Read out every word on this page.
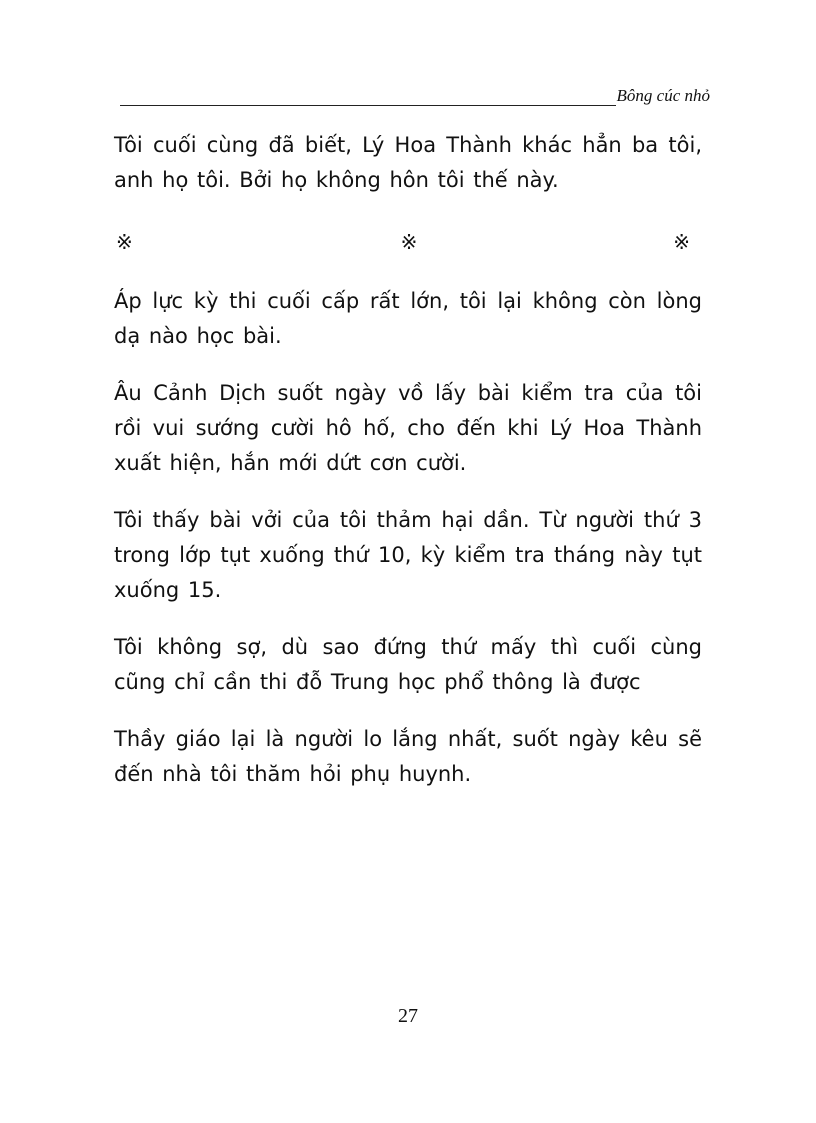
Bông cúc nhỏ

Tôi cuối cùng đã biết, Lý Hoa Thành khác hẳn ba tôi, anh họ tôi. Bởi họ không hôn tôi thế này.

※	※	※

Áp lực kỳ thi cuối cấp rất lớn, tôi lại không còn lòng dạ nào học bài.

Âu Cảnh Dịch suốt ngày vồ lấy bài kiểm tra của tôi rồi vui sướng cười hô hố, cho đến khi Lý Hoa Thành xuất hiện, hắn mới dứt cơn cười.

Tôi thấy bài vởi của tôi thảm hại dần. Từ người thứ 3 trong lớp tụt xuống thứ 10, kỳ kiểm tra tháng này tụt xuống 15.

Tôi không sợ, dù sao đứng thứ mấy thì cuối cùng cũng chỉ cần thi đỗ Trung học phổ thông là được

Thầy giáo lại là người lo lắng nhất, suốt ngày kêu sẽ đến nhà tôi thăm hỏi phụ huynh.

27
